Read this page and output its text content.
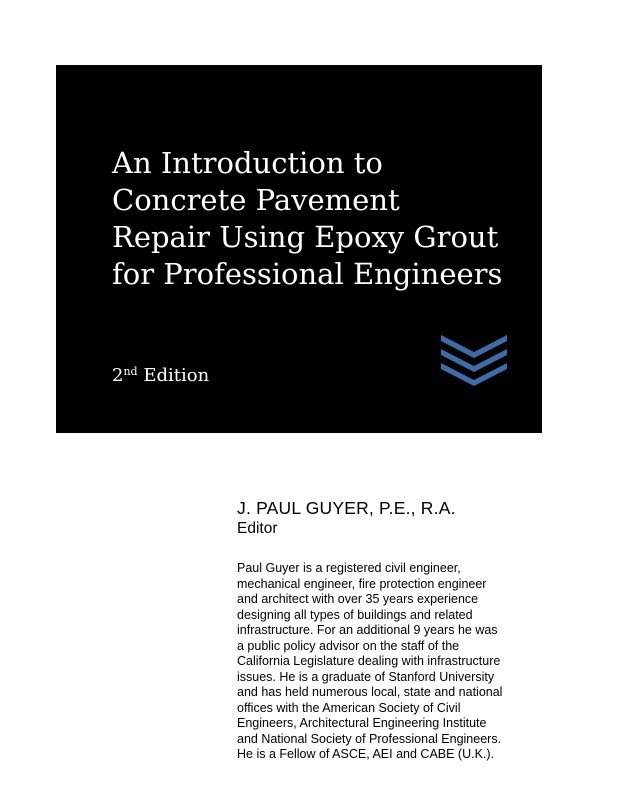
An Introduction to
Concrete Pavement
Repair Using Epoxy Grout
for Professional Engineers
2nd Edition
J. PAUL GUYER, P.E., R.A.
Editor
Paul Guyer is a registered civil engineer,
mechanical engineer, fire protection engineer
and architect with over 35 years experience
designing all types of buildings and related
infrastructure. For an additional 9 years he was
a public policy advisor on the staff of the
California Legislature dealing with infrastructure
issues. He is a graduate of Stanford University
and has held numerous local, state and national
offices with the American Society of Civil
Engineers, Architectural Engineering Institute
and National Society of Professional Engineers.
He is a Fellow of ASCE, AEI and CABE (U.K.).
